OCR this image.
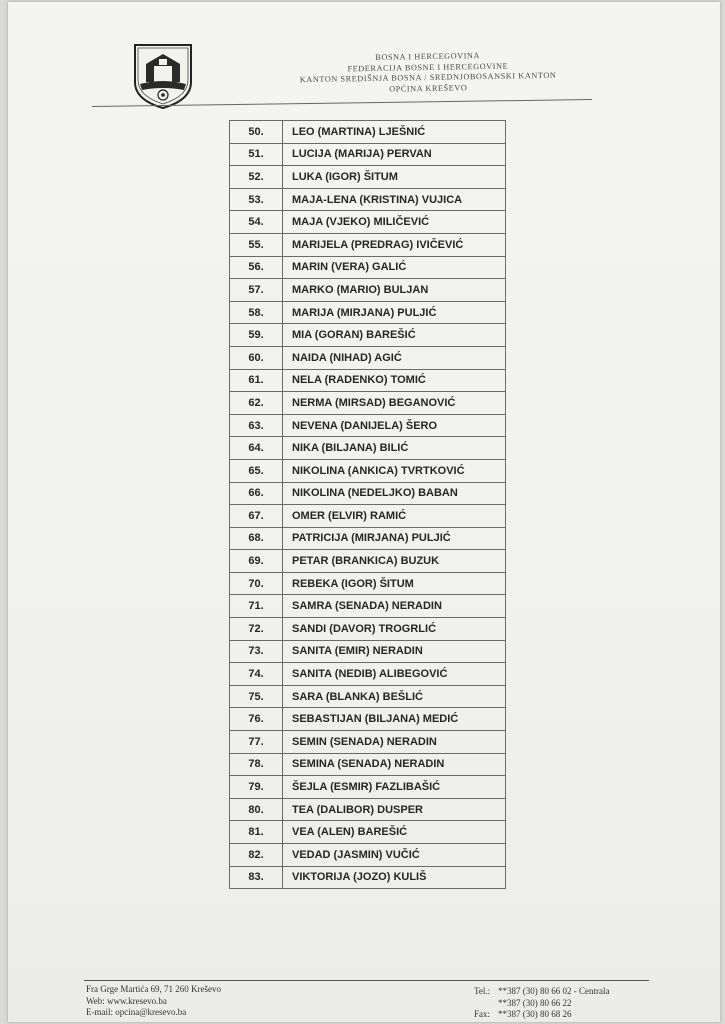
BOSNA I HERCEGOVINA
FEDERACIJA BOSNE I HERCEGOVINE
KANTON SREDIŠNJA BOSNA / SREDNJOBOSANSKI KANTON
OPĆINA KREŠEVO
50.	LEO (MARTINA) LJEŠNIĆ
51.	LUCIJA (MARIJA) PERVAN
52.	LUKA (IGOR) ŠITUM
53.	MAJA-LENA (KRISTINA) VUJICA
54.	MAJA (VJEKO) MILIČEVIĆ
55.	MARIJELA (PREDRAG) IVIČEVIĆ
56.	MARIN (VERA) GALIĆ
57.	MARKO (MARIO) BULJAN
58.	MARIJA (MIRJANA) PULJIĆ
59.	MIA (GORAN) BAREŠIĆ
60.	NAIDA (NIHAD) AGIĆ
61.	NELA (RADENKO) TOMIĆ
62.	NERMA (MIRSAD) BEGANOVIĆ
63.	NEVENA (DANIJELA) ŠERO
64.	NIKA (BILJANA) BILIĆ
65.	NIKOLINA (ANKICA) TVRTKOVIĆ
66.	NIKOLINA (NEDELJKO) BABAN
67.	OMER (ELVIR) RAMIĆ
68.	PATRICIJA (MIRJANA) PULJIĆ
69.	PETAR (BRANKICA) BUZUK
70.	REBEKA (IGOR) ŠITUM
71.	SAMRA (SENADA) NERADIN
72.	SANDI (DAVOR) TROGRLIĆ
73.	SANITA (EMIR) NERADIN
74.	SANITA (NEDIB) ALIBEGOVIĆ
75.	SARA (BLANKA) BEŠLIĆ
76.	SEBASTIJAN (BILJANA) MEDIĆ
77.	SEMIN (SENADA) NERADIN
78.	SEMINA (SENADA) NERADIN
79.	ŠEJLA (ESMIR) FAZLIBAŠIĆ
80.	TEA (DALIBOR) DUSPER
81.	VEA (ALEN) BAREŠIĆ
82.	VEDAD (JASMIN) VUČIĆ
83.	VIKTORIJA (JOZO) KULIŠ
Fra Grge Martića 69, 71 260 Kreševo
Web: www.kresevo.ba
E-mail: opcina@kresevo.ba
Tel.: **387 (30) 80 66 02 - Centrala
**387 (30) 80 66 22
Fax: **387 (30) 80 68 26
